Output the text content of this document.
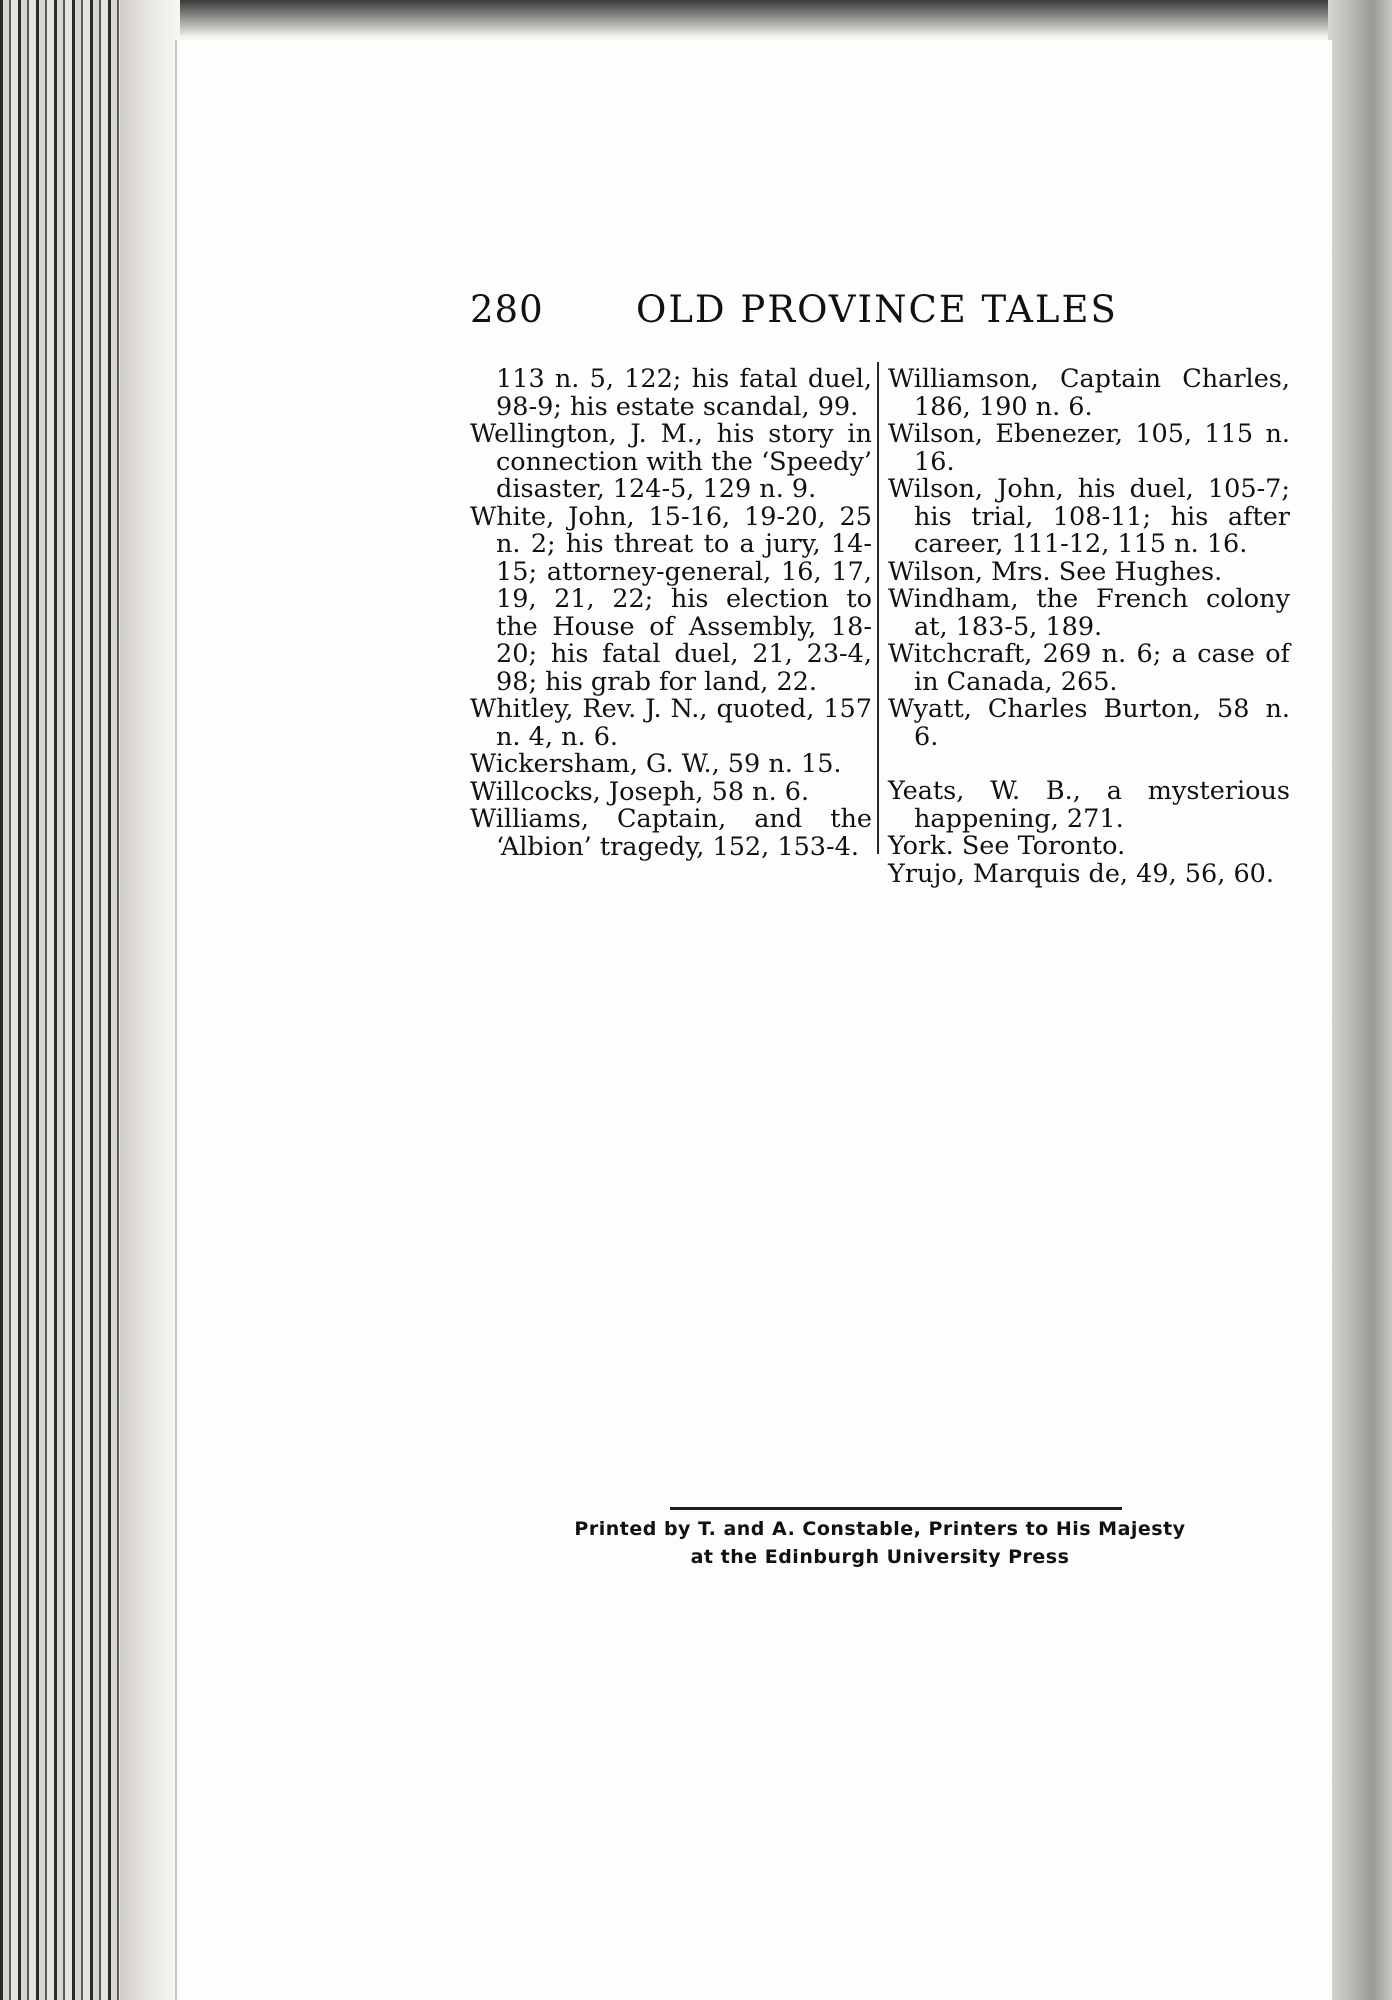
280 OLD PROVINCE TALES

113 n. 5, 122; his fatal duel, 98-9; his estate scandal, 99.

Wellington, J. M., his story in connection with the ‘Speedy’ disaster, 124-5, 129 n. 9.

White, John, 15-16, 19-20, 25 n. 2; his threat to a jury, 14-15; attorney-general, 16, 17, 19, 21, 22; his election to the House of Assembly, 18-20; his fatal duel, 21, 23-4, 98; his grab for land, 22.

Whitley, Rev. J. N., quoted, 157 n. 4, n. 6.

Wickersham, G. W., 59 n. 15.

Willcocks, Joseph, 58 n. 6.

Williams, Captain, and the ‘Albion’ tragedy, 152, 153-4.

Williamson, Captain Charles, 186, 190 n. 6.

Wilson, Ebenezer, 105, 115 n. 16.

Wilson, John, his duel, 105-7; his trial, 108-11; his after career, 111-12, 115 n. 16.

Wilson, Mrs. See Hughes.

Windham, the French colony at, 183-5, 189.

Witchcraft, 269 n. 6; a case of in Canada, 265.

Wyatt, Charles Burton, 58 n. 6.

Yeats, W. B., a mysterious happening, 271.

York. See Toronto.

Yrujo, Marquis de, 49, 56, 60.

Printed by T. and A. Constable, Printers to His Majesty
at the Edinburgh University Press
